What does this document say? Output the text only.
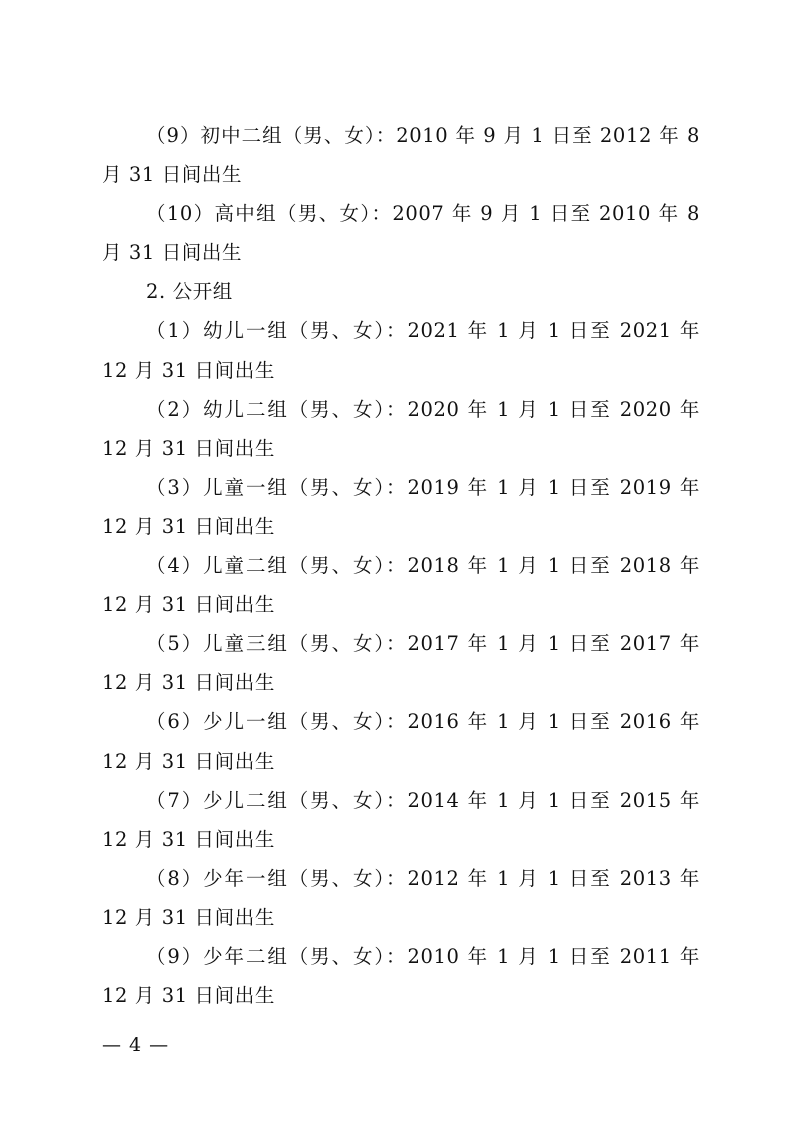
（9）初中二组（男、女）：2010 年 9 月 1 日至 2012 年 8 月 31 日间出生

（10）高中组（男、女）：2007 年 9 月 1 日至 2010 年 8 月 31 日间出生

2. 公开组

（1）幼儿一组（男、女）：2021 年 1 月 1 日至 2021 年 12 月 31 日间出生

（2）幼儿二组（男、女）：2020 年 1 月 1 日至 2020 年 12 月 31 日间出生

（3）儿童一组（男、女）：2019 年 1 月 1 日至 2019 年 12 月 31 日间出生

（4）儿童二组（男、女）：2018 年 1 月 1 日至 2018 年 12 月 31 日间出生

（5）儿童三组（男、女）：2017 年 1 月 1 日至 2017 年 12 月 31 日间出生

（6）少儿一组（男、女）：2016 年 1 月 1 日至 2016 年 12 月 31 日间出生

（7）少儿二组（男、女）：2014 年 1 月 1 日至 2015 年 12 月 31 日间出生

（8）少年一组（男、女）：2012 年 1 月 1 日至 2013 年 12 月 31 日间出生

（9）少年二组（男、女）：2010 年 1 月 1 日至 2011 年 12 月 31 日间出生

— 4 —
